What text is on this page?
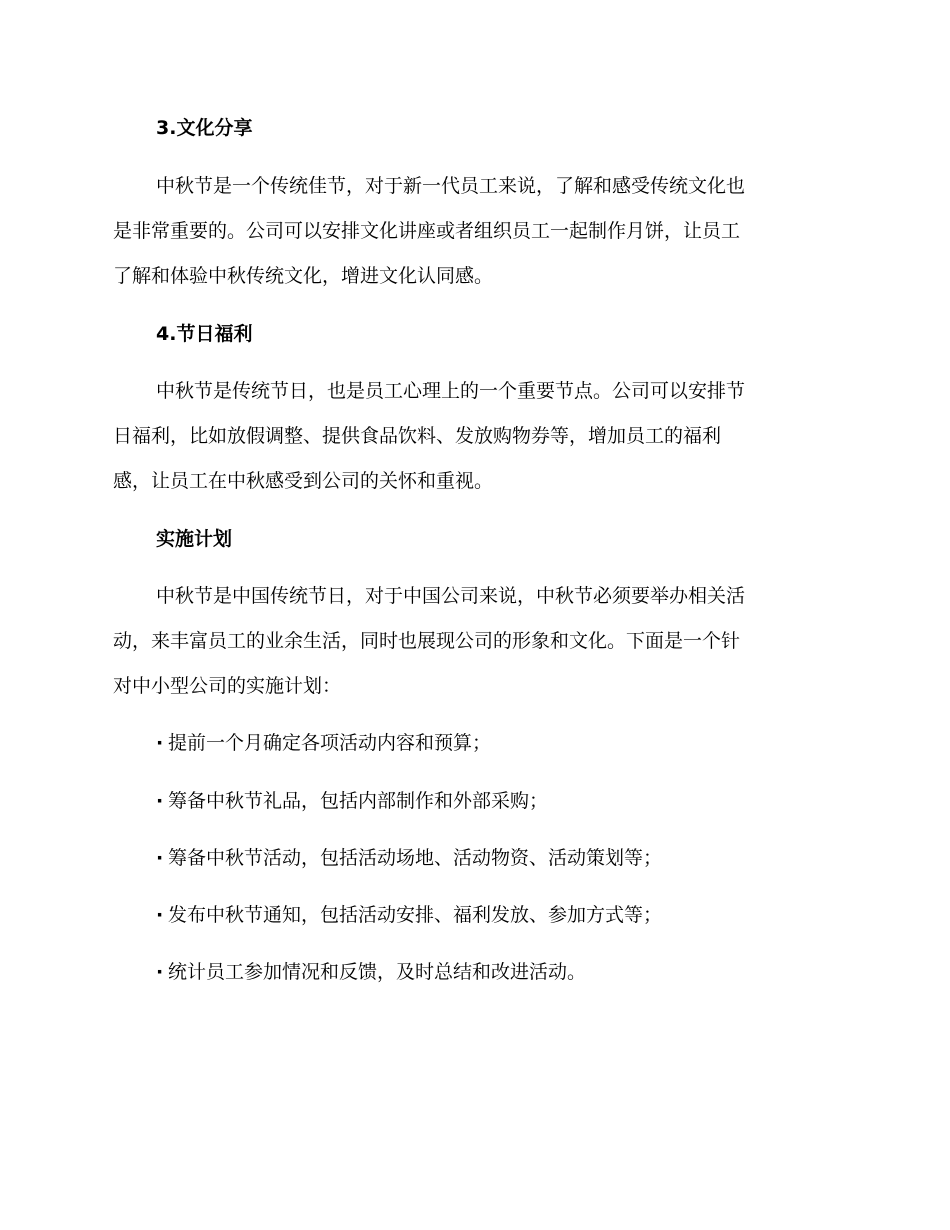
3.文化分享
中秋节是一个传统佳节，对于新一代员工来说，了解和感受传统文化也
是非常重要的。公司可以安排文化讲座或者组织员工一起制作月饼，让员工
了解和体验中秋传统文化，增进文化认同感。
4.节日福利
中秋节是传统节日，也是员工心理上的一个重要节点。公司可以安排节
日福利，比如放假调整、提供食品饮料、发放购物券等，增加员工的福利
感，让员工在中秋感受到公司的关怀和重视。
实施计划
中秋节是中国传统节日，对于中国公司来说，中秋节必须要举办相关活
动，来丰富员工的业余生活，同时也展现公司的形象和文化。下面是一个针
对中小型公司的实施计划：

· 提前一个月确定各项活动内容和预算；

· 筹备中秋节礼品，包括内部制作和外部采购；

· 筹备中秋节活动，包括活动场地、活动物资、活动策划等；

· 发布中秋节通知，包括活动安排、福利发放、参加方式等；

· 统计员工参加情况和反馈，及时总结和改进活动。
